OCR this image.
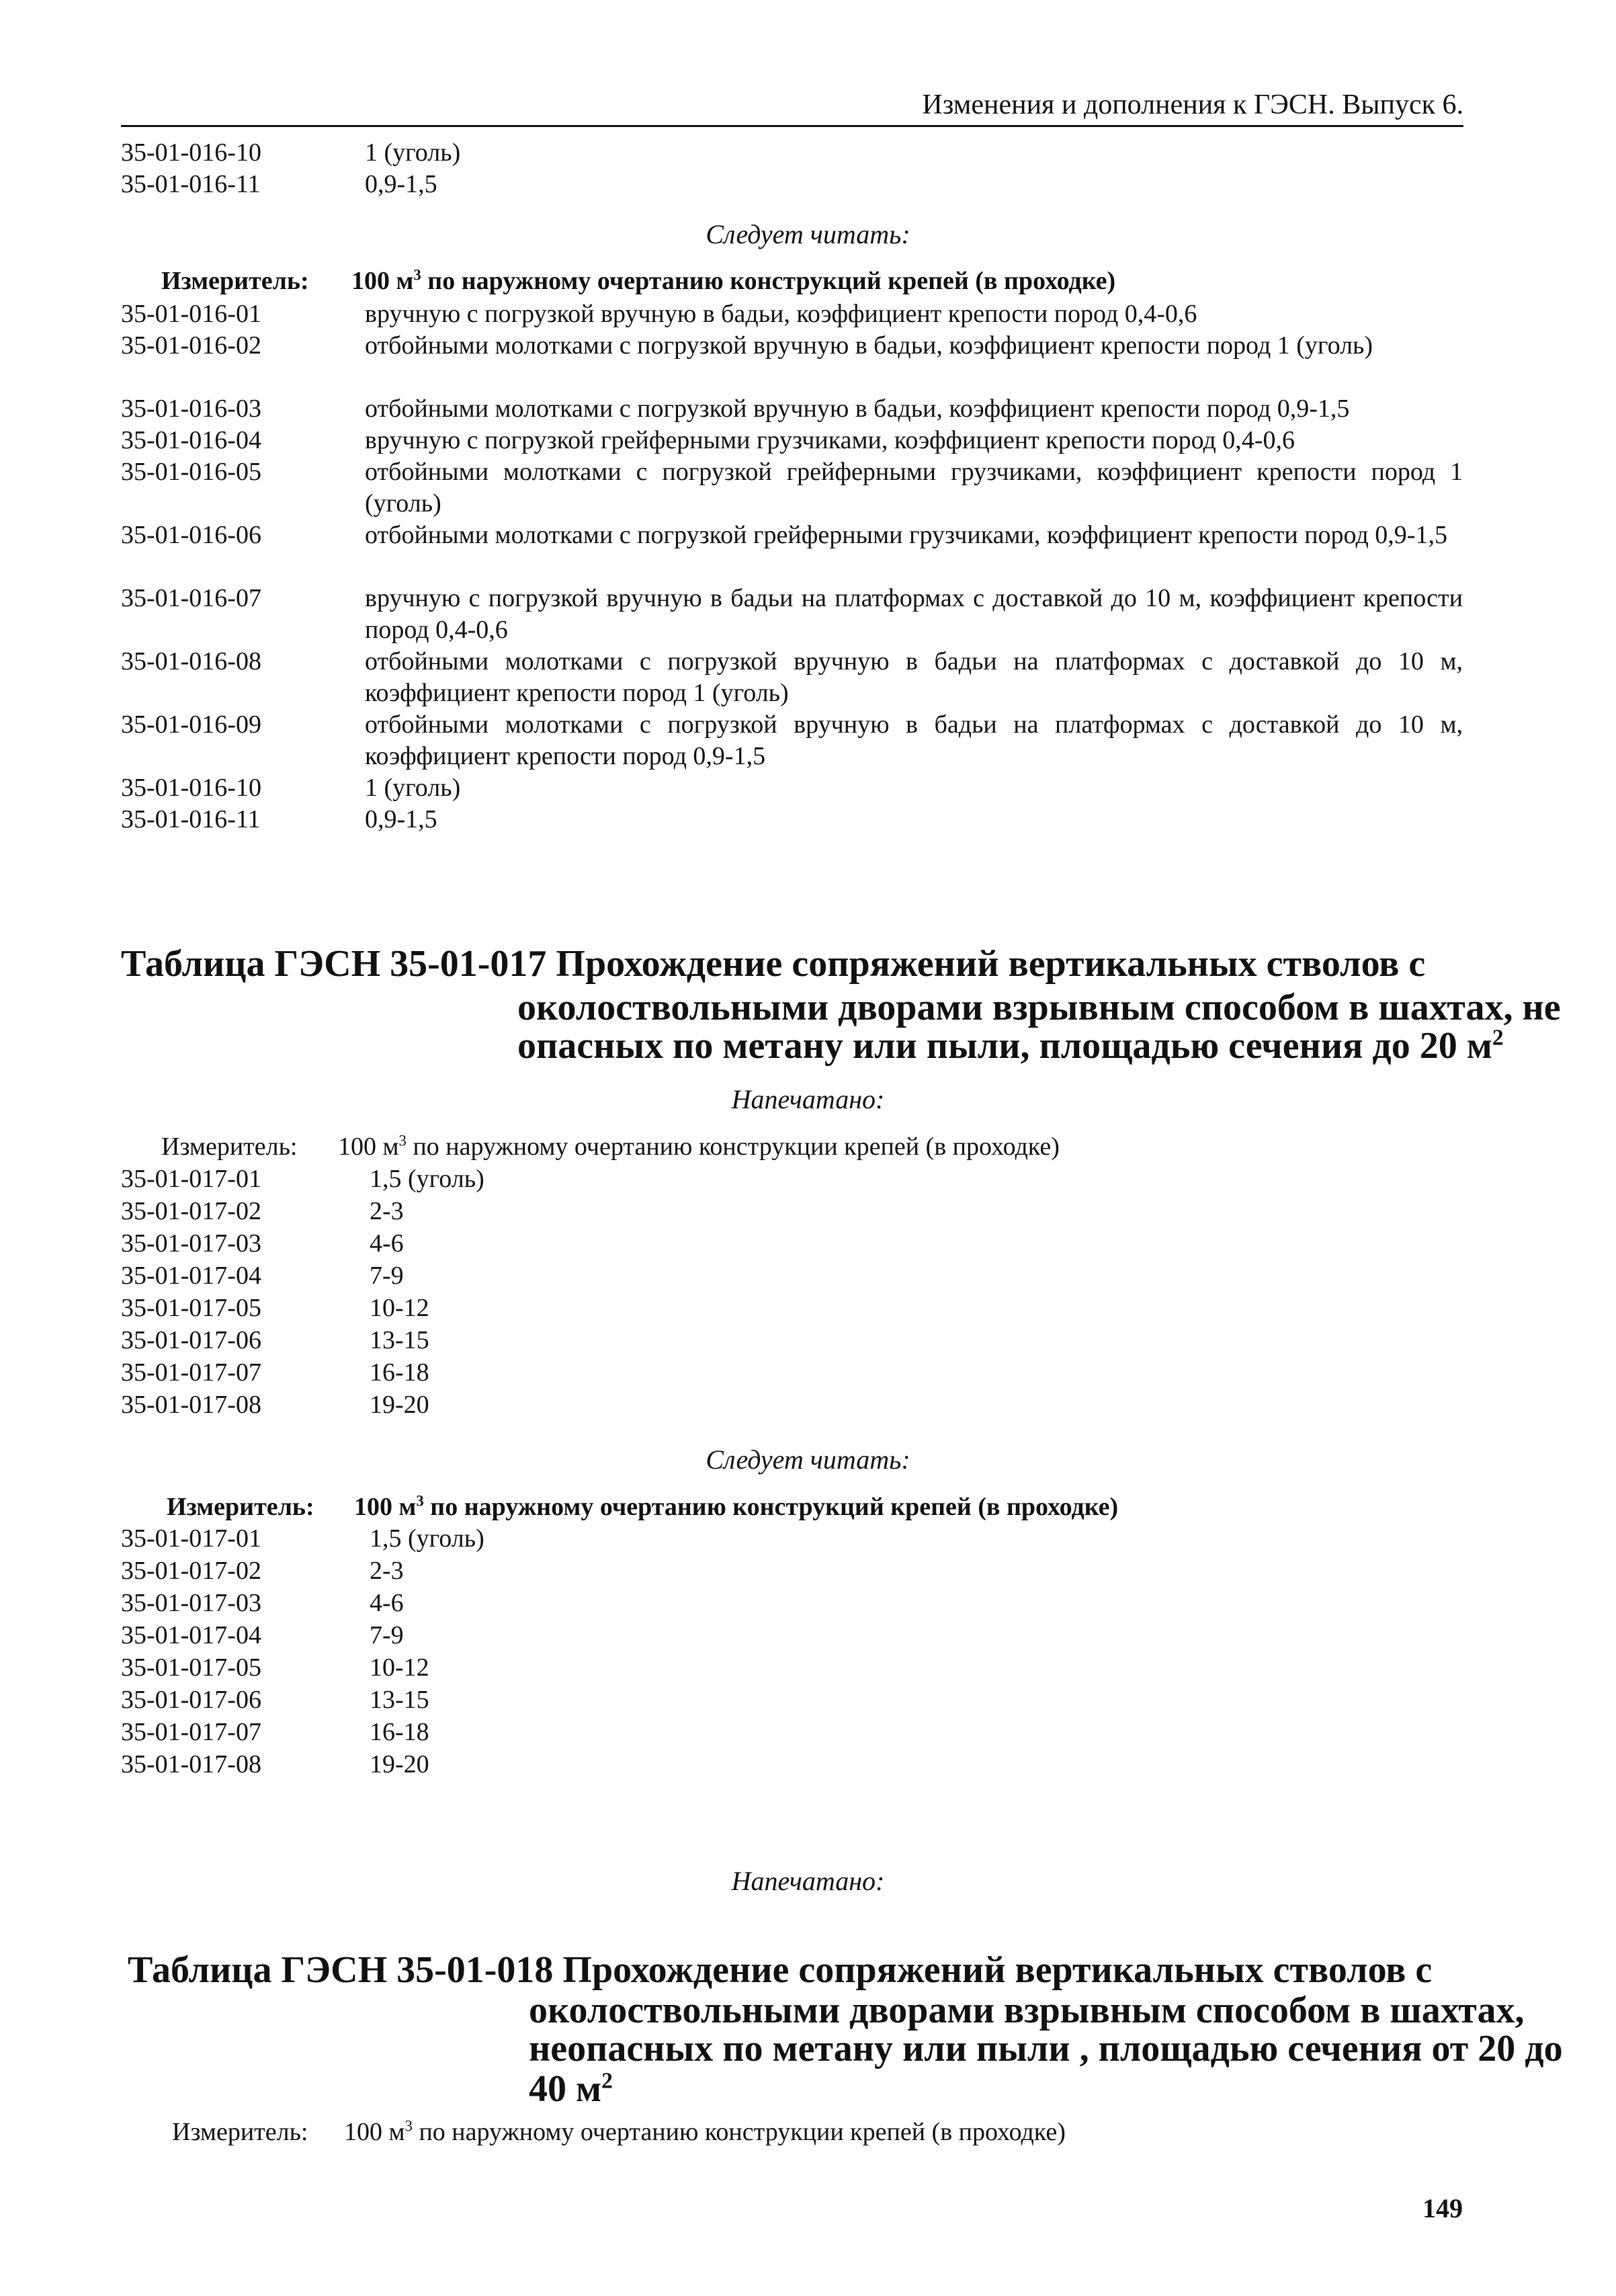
Изменения и дополнения к ГЭСН. Выпуск 6.
35-01-016-10	1 (уголь)
35-01-016-11	0,9-1,5
Следует читать:
Измеритель: 100 $м^3$ по наружному очертанию конструкций крепей (в проходке)
35-01-016-01	вручную с погрузкой вручную в бадьи, коэффициент крепости пород 0,4-0,6
35-01-016-02	отбойными молотками с погрузкой вручную в бадьи, коэффициент крепости пород 1 (уголь)
35-01-016-03	отбойными молотками с погрузкой вручную в бадьи, коэффициент крепости пород 0,9-1,5
35-01-016-04	вручную с погрузкой грейферными грузчиками, коэффициент крепости пород 0,4-0,6
35-01-016-05	отбойными молотками с погрузкой грейферными грузчиками, коэффициент крепости пород 1 (уголь)
35-01-016-06	отбойными молотками с погрузкой грейферными грузчиками, коэффициент крепости пород 0,9-1,5
35-01-016-07	вручную с погрузкой вручную в бадьи на платформах с доставкой до 10 м, коэффициент крепости пород 0,4-0,6
35-01-016-08	отбойными молотками с погрузкой вручную в бадьи на платформах с доставкой до 10 м, коэффициент крепости пород 1 (уголь)
35-01-016-09	отбойными молотками с погрузкой вручную в бадьи на платформах с доставкой до 10 м, коэффициент крепости пород 0,9-1,5
35-01-016-10	1 (уголь)
35-01-016-11	0,9-1,5
Таблица ГЭСН 35-01-017 Прохождение сопряжений вертикальных стволов с
околоствольными дворами взрывным способом в шахтах, не
опасных по метану или пыли, площадью сечения до 20 $м^2$
Напечатано:
Измеритель: 100 $м^3$ по наружному очертанию конструкции крепей (в проходке)
35-01-017-01	1,5 (уголь)
35-01-017-02	2-3
35-01-017-03	4-6
35-01-017-04	7-9
35-01-017-05	10-12
35-01-017-06	13-15
35-01-017-07	16-18
35-01-017-08	19-20
Следует читать:
Измеритель: 100 $м^3$ по наружному очертанию конструкций крепей (в проходке)
35-01-017-01	1,5 (уголь)
35-01-017-02	2-3
35-01-017-03	4-6
35-01-017-04	7-9
35-01-017-05	10-12
35-01-017-06	13-15
35-01-017-07	16-18
35-01-017-08	19-20
Напечатано:
Таблица ГЭСН 35-01-018 Прохождение сопряжений вертикальных стволов с
околоствольными дворами взрывным способом в шахтах,
неопасных по метану или пыли , площадью сечения от 20 до
40 $м^2$
Измеритель: 100 $м^3$ по наружному очертанию конструкции крепей (в проходке)
149
